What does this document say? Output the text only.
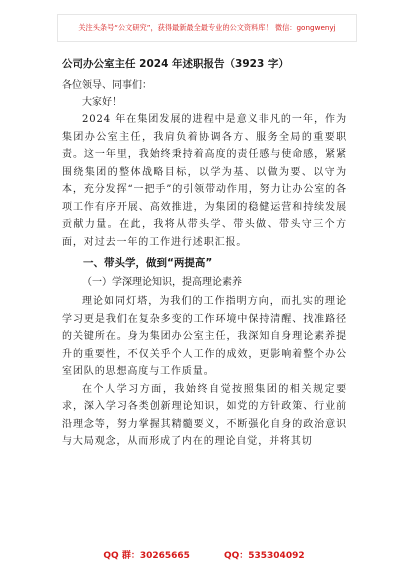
关注头条号“公文研究”，获得最新最全最专业的公文资料库！ 微信：gongwenyj
公司办公室主任 2024 年述职报告（3923 字）
各位领导、同事们：
大家好！

2024 年在集团发展的进程中是意义非凡的一年，作为集团办公室主任，我肩负着协调各方、服务全局的重要职责。这一年里，我始终秉持着高度的责任感与使命感，紧紧围绕集团的整体战略目标，以学为基、以做为要、以守为本，充分发挥“一把手”的引领带动作用，努力让办公室的各项工作有序开展、高效推进，为集团的稳健运营和持续发展贡献力量。在此，我将从带头学、带头做、带头守三个方面，对过去一年的工作进行述职汇报。

一、带头学，做到“两提高”
（一）学深理论知识，提高理论素养

理论如同灯塔，为我们的工作指明方向，而扎实的理论学习更是我们在复杂多变的工作环境中保持清醒、找准路径的关键所在。身为集团办公室主任，我深知自身理论素养提升的重要性，不仅关乎个人工作的成效，更影响着整个办公室团队的思想高度与工作质量。

在个人学习方面，我始终自觉按照集团的相关规定要求，深入学习各类创新理论知识，如党的方针政策、行业前沿理念等，努力掌握其精髓要义，不断强化自身的政治意识与大局观念，从而形成了内在的理论自觉，并将其切

QQ 群：30265665	QQ：535304092
